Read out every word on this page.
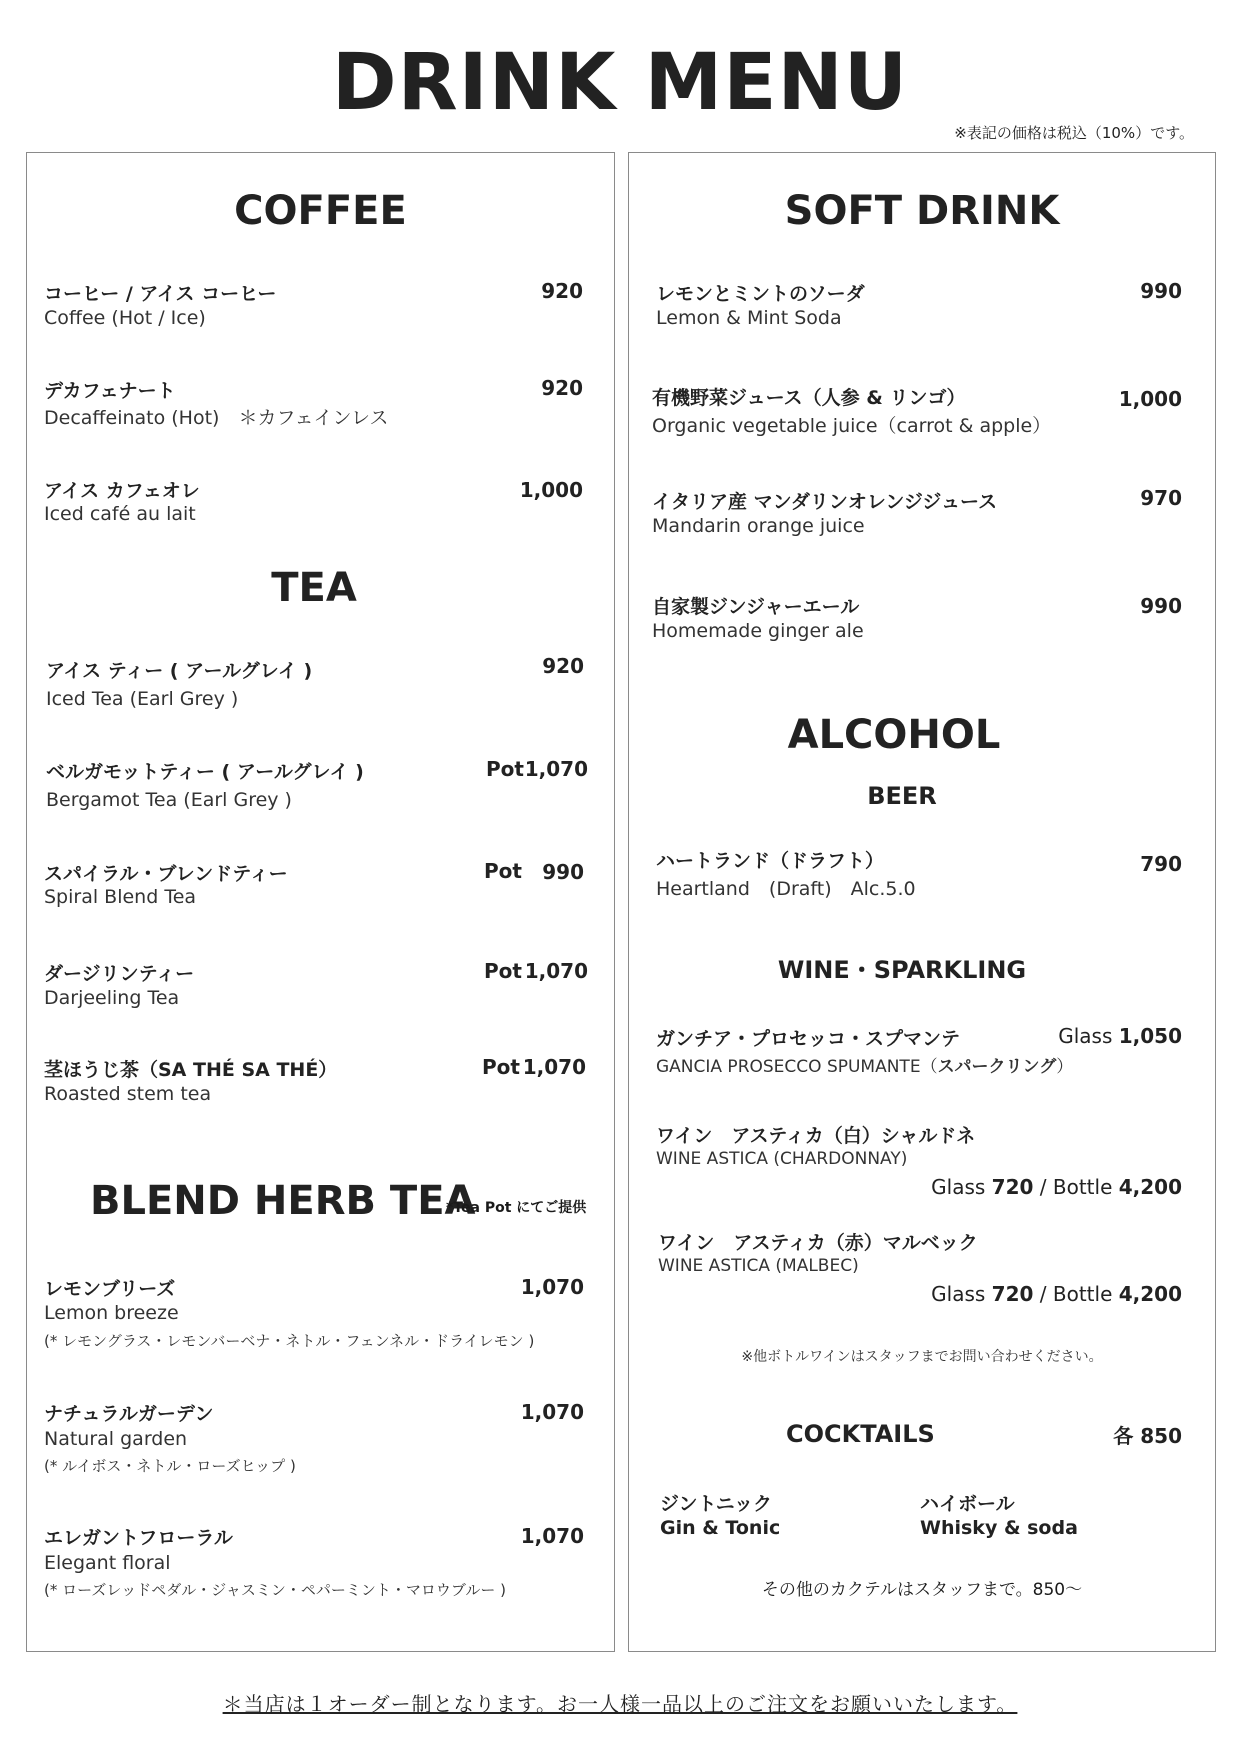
DRINK MENU
※表記の価格は税込（10%）です。
COFFEE
コーヒー / アイス コーヒー
Coffee (Hot / Ice)
920
デカフェナート
Decaffeinato (Hot)　＊カフェインレス
920
アイス カフェオレ
Iced café au lait
1,000
TEA
アイス ティー ( アールグレイ )
Iced Tea (Earl Grey )
920
ベルガモットティー ( アールグレイ )
Bergamot Tea (Earl Grey )
Pot 1,070
スパイラル・ブレンドティー
Spiral Blend Tea
Pot 990
ダージリンティー
Darjeeling Tea
Pot 1,070
茎ほうじ茶（SA THÉ SA THÉ）
Roasted stem tea
Pot 1,070
BLEND HERB TEA
*Tea Pot にてご提供
レモンブリーズ
Lemon breeze
(* レモングラス・レモンバーベナ・ネトル・フェンネル・ドライレモン )
1,070
ナチュラルガーデン
Natural garden
(* ルイボス・ネトル・ローズヒップ )
1,070
エレガントフローラル
Elegant floral
(* ローズレッドペダル・ジャスミン・ペパーミント・マロウブルー )
1,070
SOFT DRINK
レモンとミントのソーダ
Lemon & Mint Soda
990
有機野菜ジュース（人参 & リンゴ）
Organic vegetable juice（carrot & apple）
1,000
イタリア産 マンダリンオレンジジュース
Mandarin orange juice
970
自家製ジンジャーエール
Homemade ginger ale
990
ALCOHOL
BEER
ハートランド（ドラフト）
Heartland　(Draft)　Alc.5.0
790
WINE・SPARKLING
ガンチア・プロセッコ・スプマンテ
GANCIA PROSECCO SPUMANTE（スパークリング）
Glass 1,050
ワイン　アスティカ（白）シャルドネ
WINE ASTICA (CHARDONNAY)
Glass 720 / Bottle 4,200
ワイン　アスティカ（赤）マルベック
WINE ASTICA (MALBEC)
Glass 720 / Bottle 4,200
※他ボトルワインはスタッフまでお問い合わせください。
COCKTAILS	各 850
ジントニック
Gin & Tonic
ハイボール
Whisky & soda
その他のカクテルはスタッフまで。850〜
＊当店は１オーダー制となります。お一人様一品以上のご注文をお願いいたします。
